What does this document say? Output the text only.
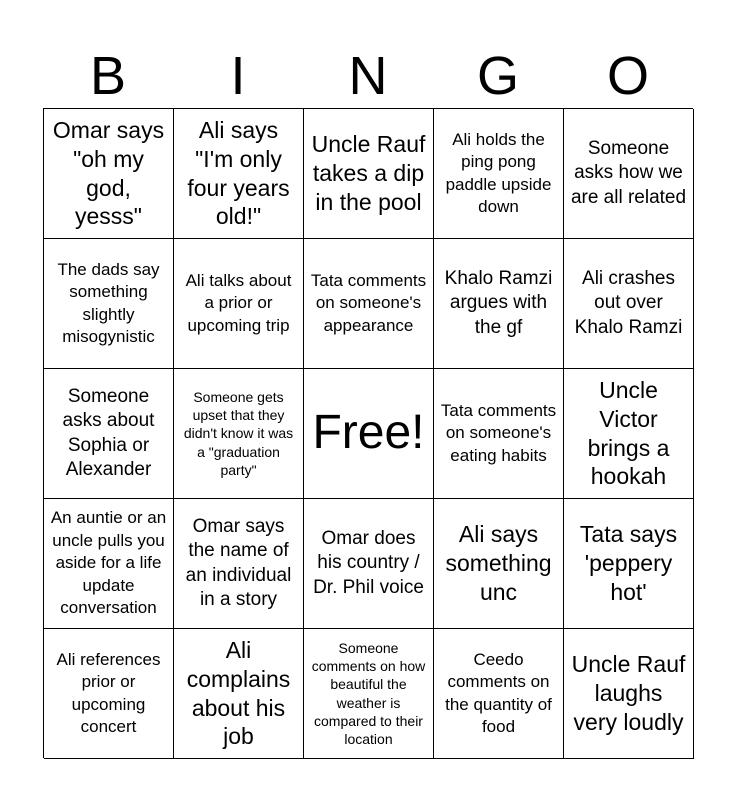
B	I	N	G	O
Omar says "oh my god, yesss"
Ali says "I'm only four years old!"
Uncle Rauf takes a dip in the pool
Ali holds the ping pong paddle upside down
Someone asks how we are all related
The dads say something slightly misogynistic
Ali talks about a prior or upcoming trip
Tata comments on someone's appearance
Khalo Ramzi argues with the gf
Ali crashes out over Khalo Ramzi
Someone asks about Sophia or Alexander
Someone gets upset that they didn't know it was a "graduation party"
Free! Tata comments on someone's eating habits
Uncle Victor brings a hookah
An auntie or an uncle pulls you aside for a life update conversation
Omar says the name of an individual in a story
Omar does his country / Dr. Phil voice
Ali says something unc
Tata says 'peppery hot'
Ali references prior or upcoming concert
Ali complains about his job
Someone comments on how beautiful the weather is compared to their location
Ceedo comments on the quantity of food
Uncle Rauf laughs very loudly
